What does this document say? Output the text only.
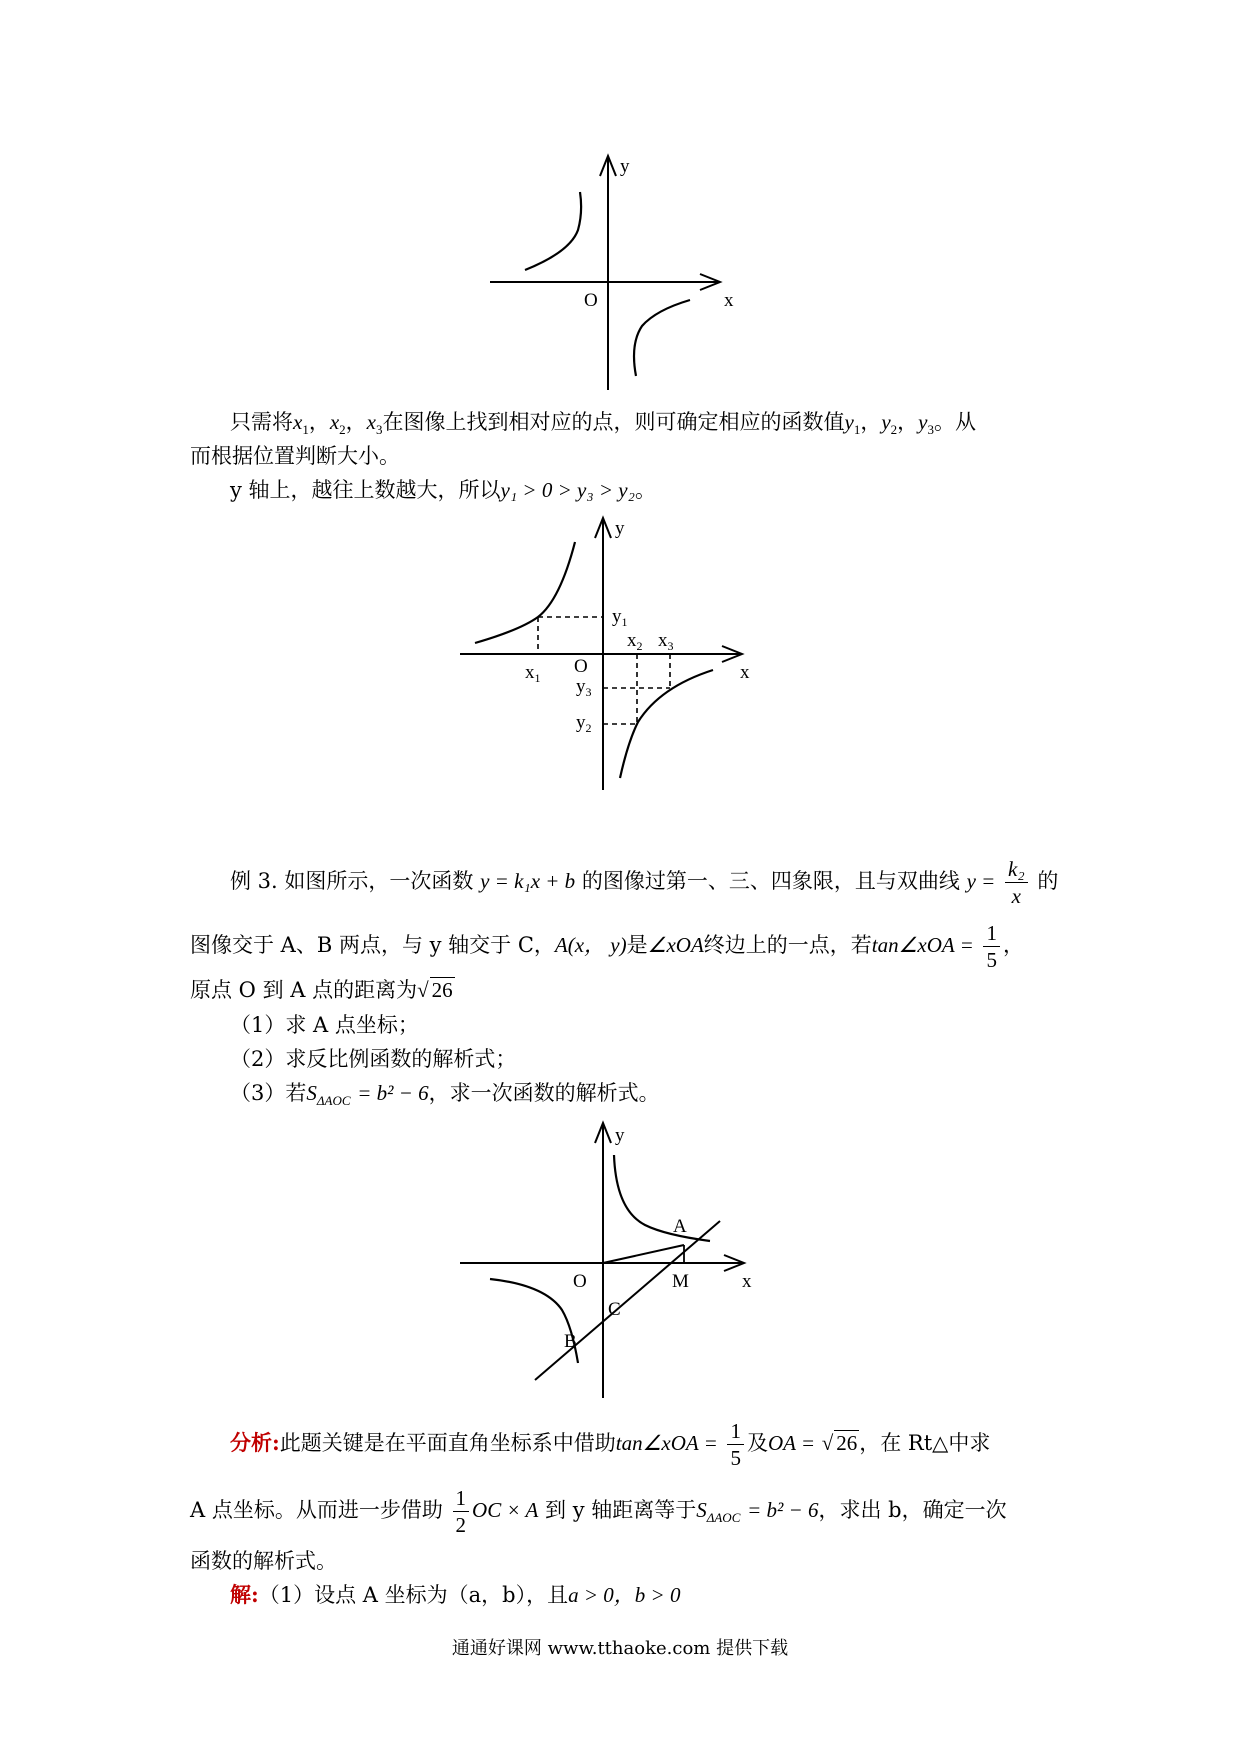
y
x
O
只需将$x_1$，$x_2$，$x_3$在图像上找到相对应的点，则可确定相应的函数值$y_1$，$y_2$，$y_3$。从
而根据位置判断大小。
y 轴上，越往上数越大，所以y₁ > 0 > y₃ > y₂。
y
x
O
$y_1$
$x_1$
$x_2$ $x_3$
$y_3$
$y_2$
例 3. 如图所示，一次函数 y = k₁x + b 的图像过第一、三、四象限，且与双曲线 $y = \frac{\text{k₂}}{x}$ 的
图像交于 A、B 两点，与 y 轴交于 C，A(x， y)是∠xOA终边上的一点，若tan∠xOA = $\frac{1}{5}$ ，
原点 O 到 A 点的距离为√ 26
（1）求 A 点坐标；
（2）求反比例函数的解析式；
（3）若$S_{\Delta AOC} = b^2 - 6$，求一次函数的解析式。
y
x
O
A
M
C
B
分析:此题关键是在平面直角坐标系中借助tan∠xOA = $\frac{1}{5}$ 及OA = √ 26，在 Rt△中求
A 点坐标。从而进一步借助 $\frac{1}{2}$ OC × A 到 y 轴距离等于$S_{\Delta AOC} = b^2 - 6$，求出 b，确定一次
函数的解析式。
解:（1）设点 A 坐标为（a，b），且a > 0，b > 0
通通好课网 www.tthaoke.com 提供下载
